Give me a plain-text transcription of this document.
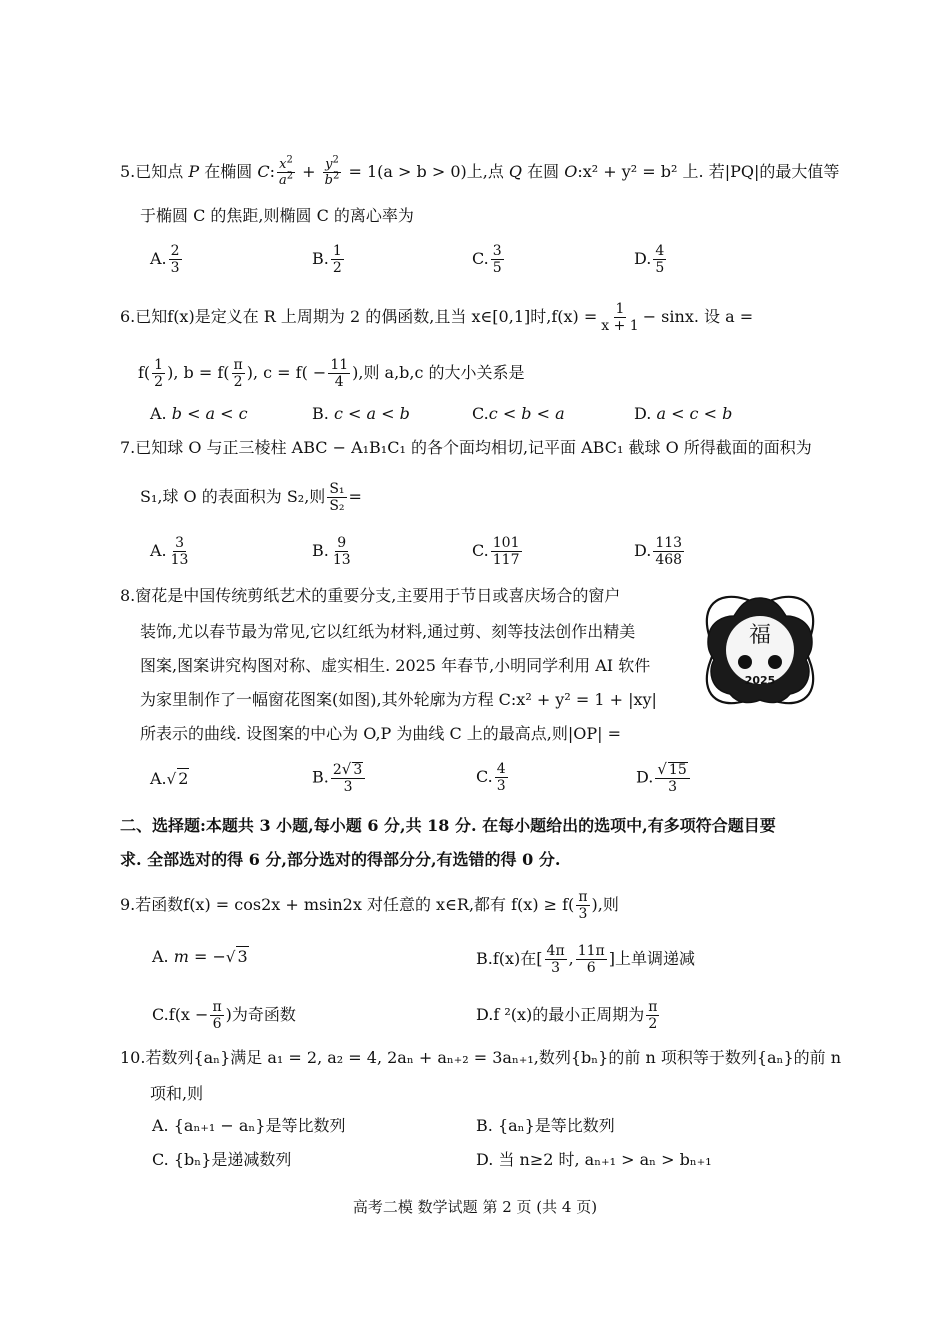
5.已知点 P 在椭圆 C: $\frac{x^2}{a^2} + \frac{y^2}{b^2} = 1(a > b > 0)$上,点 Q 在圆 O:x² + y² = b² 上. 若|PQ|的最大值等
于椭圆 C 的焦距,则椭圆 C 的离心率为
A. $\frac{2}{3}$	B. $\frac{1}{2}$	C. $\frac{3}{5}$	D. $\frac{4}{5}$
6.已知f(x)是定义在 R 上周期为 2 的偶函数,且当 x∈[0,1]时$,f(x) = \frac{1}{x + 1} - \sin x$. 设 a =
$f( \frac{1}{2}$ ), $b = f( \frac{\pi}{2}$ ), $c = f( - \frac{11}{4}$ ),则 a,b,c 的大小关系是
A. b < a < c	B. c < a < b	C.c < b < a	D. a < c < b
7.已知球 O 与正三棱柱 ABC − A₁B₁C₁ 的各个面均相切,记平面 ABC₁ 截球 O 所得截面的面积为
S₁,球 O 的表面积为 S₂,则 $\frac{\text{S₁}}{\text{S₂}}$ =
A. $\frac{3}{13}$	B. $\frac{9}{13}$	C. $\frac{101}{117}$	D. $\frac{113}{468}$
8.窗花是中国传统剪纸艺术的重要分支,主要用于节日或喜庆场合的窗户
装饰,尤以春节最为常见,它以红纸为材料,通过剪、刻等技法创作出精美
图案,图案讲究构图对称、虚实相生. 2025 年春节,小明同学利用 AI 软件
为家里制作了一幅窗花图案(如图),其外轮廓为方程 C:x² + y² = 1 + |xy|
所表示的曲线. 设图案的中心为 O,P 为曲线 C 上的最高点,则|OP| =
福
2025
A.√ 2	B. $\frac{2√ 3}{3}$	C. $\frac{4}{3}$	D. $\frac{√ 15}{3}$
二、选择题:本题共 3 小题,每小题 6 分,共 18 分. 在每小题给出的选项中,有多项符合题目要
求. 全部选对的得 6 分,部分选对的得部分分,有选错的得 0 分.
9.若函数f(x) = cos2x + msin2x 对任意的 x∈R,都有 $f(x) \ge f( \frac{\pi}{3}$ ),则
A. m = −√ 3	B.f(x)在[ $\frac{4\pi}{3}$ , $\frac{11\pi}{6}$ ]上单调递减
$C.f(x - \frac{\pi}{6}$ )为奇函数	D.f ²(x)的最小正周期为 $\frac{\pi}{2}$
10.若数列{aₙ}满足 a₁ = 2, a₂ = 4, 2aₙ + aₙ₊₂ = 3aₙ₊₁,数列{bₙ}的前 n 项积等于数列{aₙ}的前 n
项和,则
A. {aₙ₊₁ − aₙ}是等比数列	B. {aₙ}是等比数列
C. {bₙ}是递减数列	D. 当 n≥2 时, aₙ₊₁ > aₙ > bₙ₊₁
高考二模 数学试题 第 2 页 (共 4 页)
